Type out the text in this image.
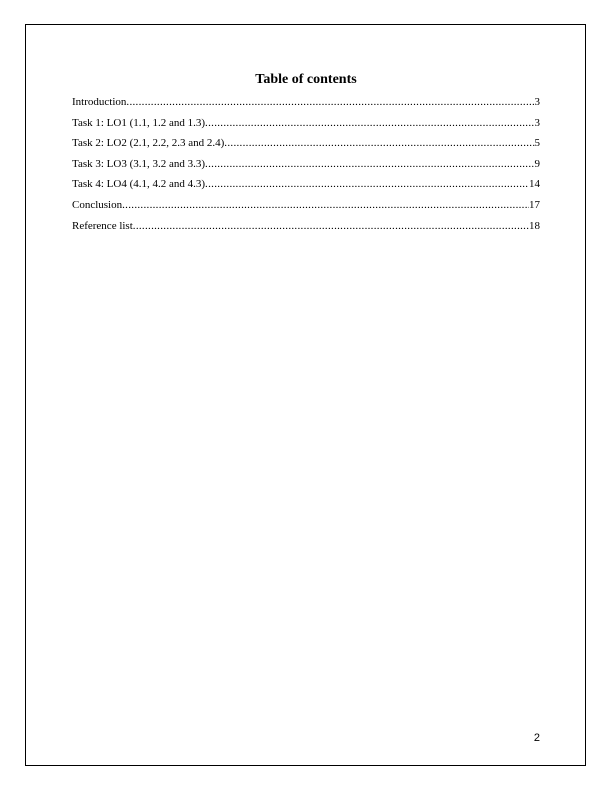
Table of contents
Introduction .....	3
Task 1: LO1 (1.1, 1.2 and 1.3) .....	3
Task 2: LO2 (2.1, 2.2, 2.3 and 2.4) .....	5
Task 3: LO3 (3.1, 3.2 and 3.3) .....	9
Task 4: LO4 (4.1, 4.2 and 4.3) .....	14
Conclusion .....	17
Reference list .....	18
2
